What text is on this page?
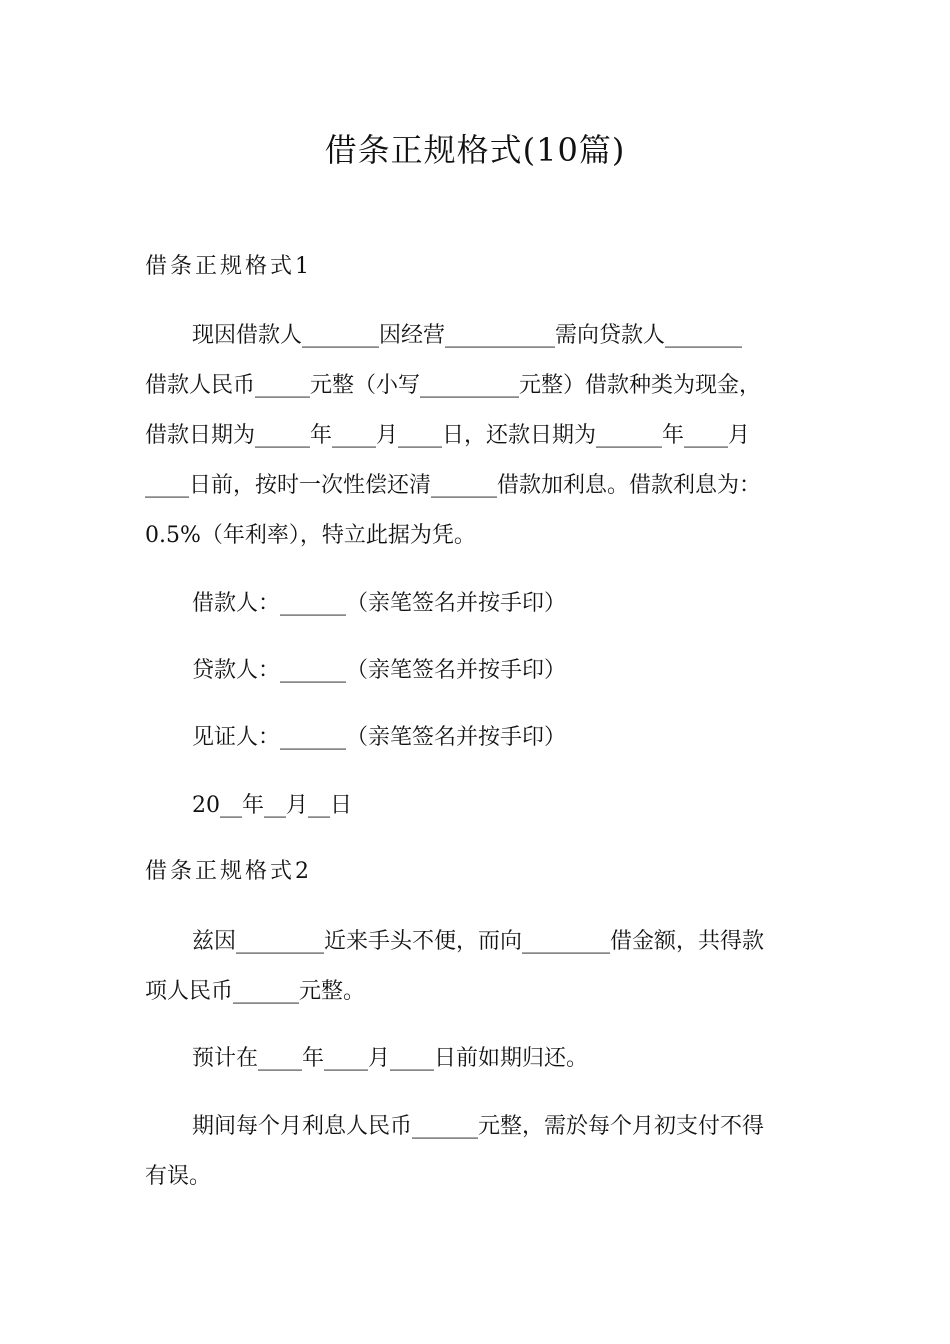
借条正规格式(10篇)
借条正规格式1
现因借款人_______因经营__________需向贷款人_______
借款人民币_____元整（小写_________元整）借款种类为现金，
借款日期为_____年____月____日，还款日期为______年____月
____日前，按时一次性偿还清______借款加利息。借款利息为：
0.5%（年利率），特立此据为凭。
借款人：______（亲笔签名并按手印）
贷款人：______（亲笔签名并按手印）
见证人：______（亲笔签名并按手印）
20__年__月__日
借条正规格式2
兹因________近来手头不便，而向________借金额，共得款
项人民币______元整。
预计在____年____月____日前如期归还。
期间每个月利息人民币______元整，需於每个月初支付不得
有误。
